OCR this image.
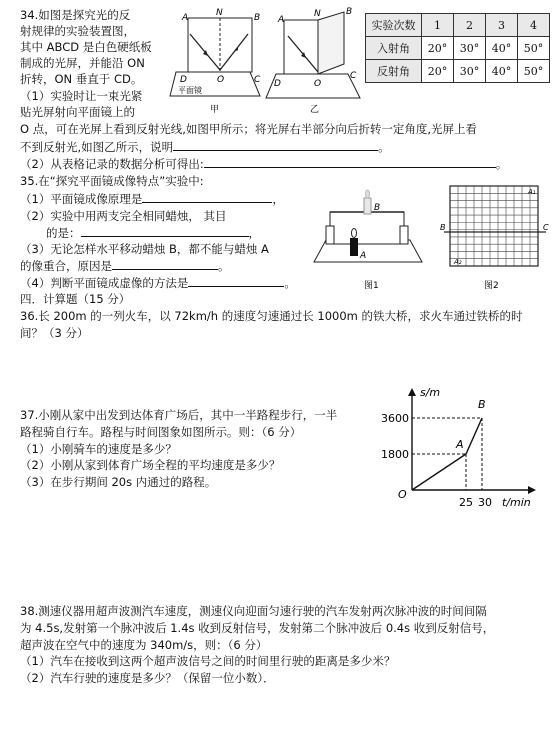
34.如图是探究光的反
射规律的实验装置图，
其中 ABCD 是白色硬纸板
制成的光屏，并能沿 ON
折转，ON 垂直于 CD。
（1）实验时让一束光紧
贴光屏射向平面镜上的
O 点，可在光屏上看到反射光线,如图甲所示；将光屏右半部分向后折转一定角度,光屏上看
不到反射光,如图乙所示，说明	。
（2）从表格记录的数据分析可得出:	。
A	N	B
O	C
D
平面镜
甲
A
N	B
O
C
D
乙
实验次数	1	2	3	4
入射角	20°	30°	40°	50°
反射角	20°	30°	40°	50°
35.在“探究平面镜成像特点”实验中:
（1）平面镜成像原理是	，
（2）实验中用两支完全相同蜡烛， 其目
的是：	，
（3）无论怎样水平移动蜡烛 B，都不能与蜡烛 A
的像重合，原因是	。
（4）判断平面镜成虚像的方法是	。
B
A
图1
B	C
A₁
A₂
图2
四．计算题（15 分）
36.长 200m 的一列火车，以 72km/h 的速度匀速通过长 1000m 的铁大桥，求火车通过铁桥的时
间？（3 分）
37.小刚从家中出发到达体育广场后，其中一半路程步行，一半
路程骑自行车。路程与时间图象如图所示。则：（6 分）
（1）小刚骑车的速度是多少？
（2）小刚从家到体育广场全程的平均速度是多少？
（3）在步行期间 20s 内通过的路程。
s/m
t/min
O
3600
1800
25 30
A
B
38.测速仪器用超声波测汽车速度，测速仪向迎面匀速行驶的汽车发射两次脉冲波的时间间隔
为 4.5s,发射第一个脉冲波后 1.4s 收到反射信号，发射第二个脉冲波后 0.4s 收到反射信号，
超声波在空气中的速度为 340m/s，则：（6 分）
（1）汽车在接收到这两个超声波信号之间的时间里行驶的距离是多少米？
（2）汽车行驶的速度是多少？（保留一位小数）．
